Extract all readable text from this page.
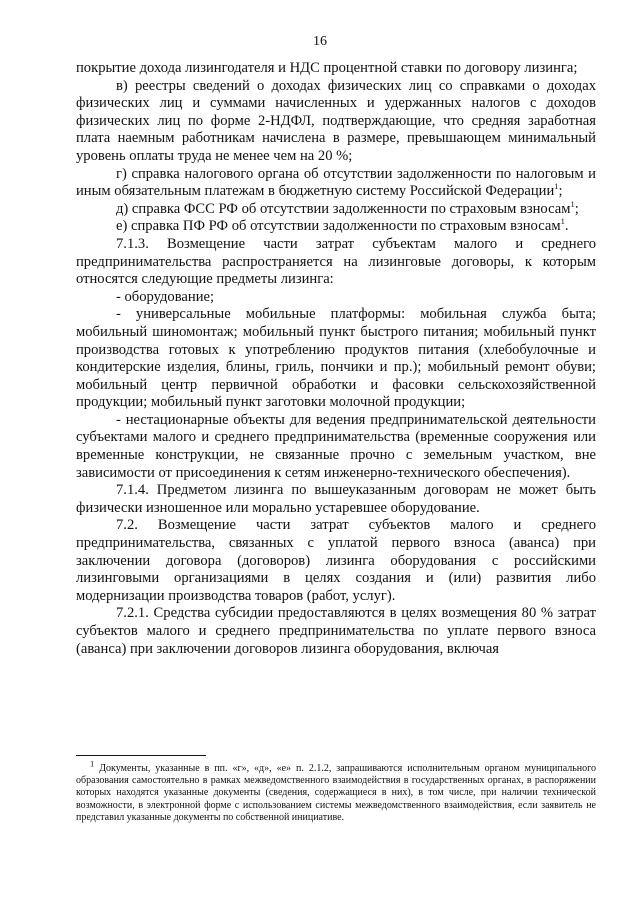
16

покрытие дохода лизингодателя и НДС процентной ставки по договору лизинга;

в) реестры сведений о доходах физических лиц со справками о доходах физических лиц и суммами начисленных и удержанных налогов с доходов физических лиц по форме 2-НДФЛ, подтверждающие, что средняя заработная плата наемным работникам начислена в размере, превышающем минимальный уровень оплаты труда не менее чем на 20 %;

г) справка налогового органа об отсутствии задолженности по налоговым и иным обязательным платежам в бюджетную систему Российской Федерации$^1$;

д) справка ФСС РФ об отсутствии задолженности по страховым взносам$^1$;

е) справка ПФ РФ об отсутствии задолженности по страховым взносам$^1$.

7.1.3. Возмещение части затрат субъектам малого и среднего предпринимательства распространяется на лизинговые договоры, к которым относятся следующие предметы лизинга:

- оборудование;

- универсальные мобильные платформы: мобильная служба быта; мобильный шиномонтаж; мобильный пункт быстрого питания; мобильный пункт производства готовых к употреблению продуктов питания (хлебобулочные и кондитерские изделия, блины, гриль, пончики и пр.); мобильный ремонт обуви; мобильный центр первичной обработки и фасовки сельскохозяйственной продукции; мобильный пункт заготовки молочной продукции;

- нестационарные объекты для ведения предпринимательской деятельности субъектами малого и среднего предпринимательства (временные сооружения или временные конструкции, не связанные прочно с земельным участком, вне зависимости от присоединения к сетям инженерно-технического обеспечения).

7.1.4. Предметом лизинга по вышеуказанным договорам не может быть физически изношенное или морально устаревшее оборудование.

7.2. Возмещение части затрат субъектов малого и среднего предпринимательства, связанных с уплатой первого взноса (аванса) при заключении договора (договоров) лизинга оборудования с российскими лизинговыми организациями в целях создания и (или) развития либо модернизации производства товаров (работ, услуг).

7.2.1. Средства субсидии предоставляются в целях возмещения 80 % затрат субъектов малого и среднего предпринимательства по уплате первого взноса (аванса) при заключении договоров лизинга оборудования, включая

$^1$ Документы, указанные в пп. «г», «д», «е» п. 2.1.2, запрашиваются исполнительным органом муниципального образования самостоятельно в рамках межведомственного взаимодействия в государственных органах, в распоряжении которых находятся указанные документы (сведения, содержащиеся в них), в том числе, при наличии технической возможности, в электронной форме с использованием системы межведомственного взаимодействия, если заявитель не представил указанные документы по собственной инициативе.
